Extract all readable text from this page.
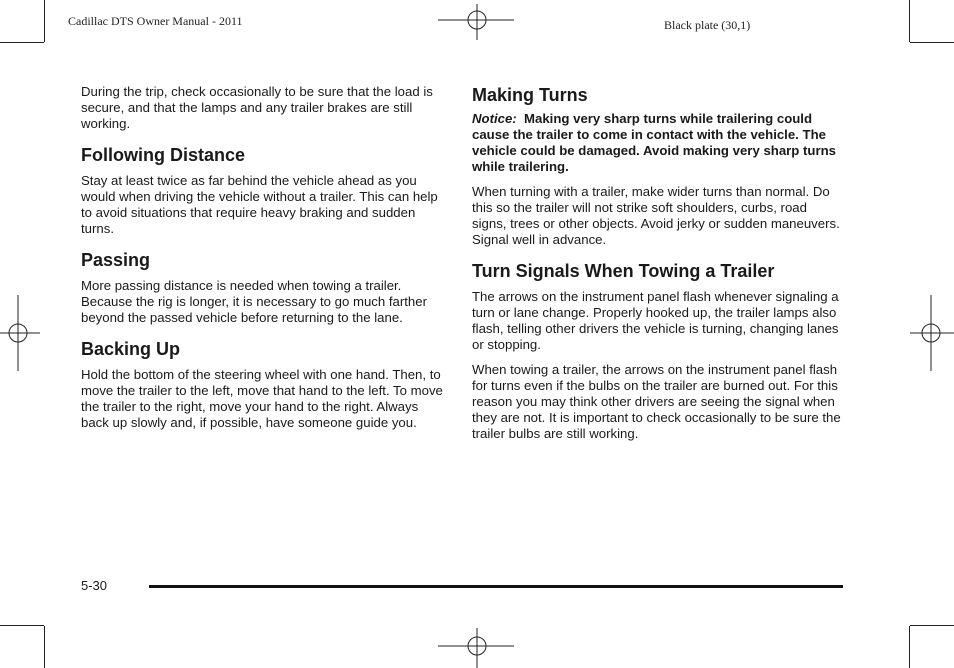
Cadillac DTS Owner Manual - 2011	Black plate (30,1)

During the trip, check occasionally to be sure that the load is secure, and that the lamps and any trailer brakes are still working.

Following Distance

Stay at least twice as far behind the vehicle ahead as you would when driving the vehicle without a trailer. This can help to avoid situations that require heavy braking and sudden turns.

Passing

More passing distance is needed when towing a trailer. Because the rig is longer, it is necessary to go much farther beyond the passed vehicle before returning to the lane.

Backing Up

Hold the bottom of the steering wheel with one hand. Then, to move the trailer to the left, move that hand to the left. To move the trailer to the right, move your hand to the right. Always back up slowly and, if possible, have someone guide you.

Making Turns

Notice: Making very sharp turns while trailering could cause the trailer to come in contact with the vehicle. The vehicle could be damaged. Avoid making very sharp turns while trailering.

When turning with a trailer, make wider turns than normal. Do this so the trailer will not strike soft shoulders, curbs, road signs, trees or other objects. Avoid jerky or sudden maneuvers. Signal well in advance.

Turn Signals When Towing a Trailer

The arrows on the instrument panel flash whenever signaling a turn or lane change. Properly hooked up, the trailer lamps also flash, telling other drivers the vehicle is turning, changing lanes or stopping.

When towing a trailer, the arrows on the instrument panel flash for turns even if the bulbs on the trailer are burned out. For this reason you may think other drivers are seeing the signal when they are not. It is important to check occasionally to be sure the trailer bulbs are still working.

5-30
